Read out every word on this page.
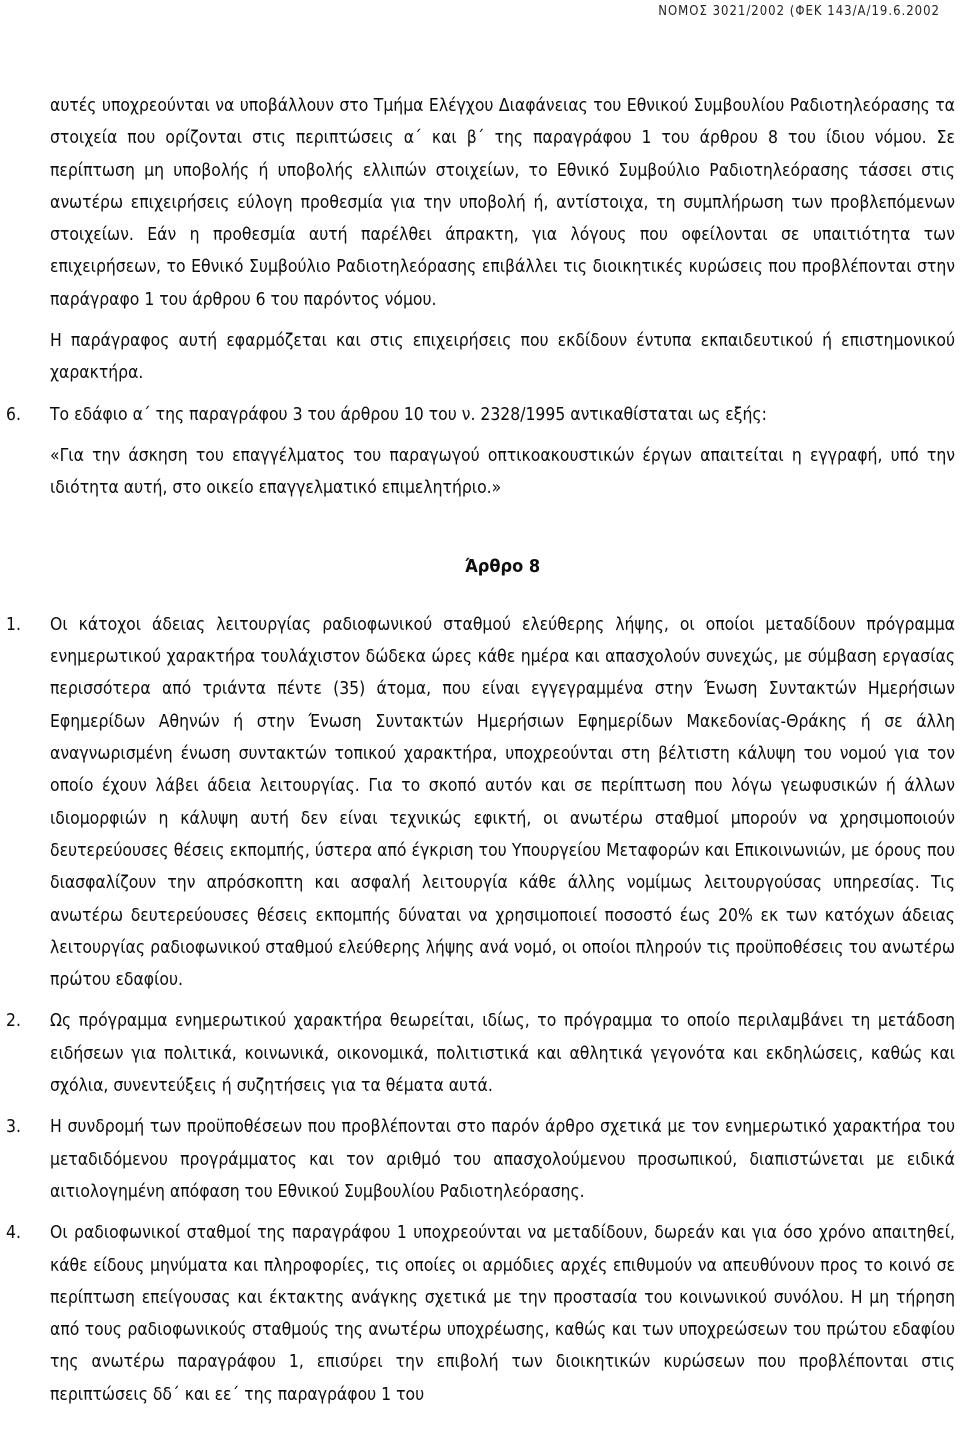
ΝΟΜΟΣ 3021/2002 (ΦΕΚ 143/Α/19.6.2002

αυτές υποχρεούνται να υποβάλλουν στο Τμήμα Ελέγχου Διαφάνειας του Εθνικού Συμβουλίου Ραδιοτηλεόρασης τα στοιχεία που ορίζονται στις περιπτώσεις α΄ και β΄ της παραγράφου 1 του άρθρου 8 του ίδιου νόμου. Σε περίπτωση μη υποβολής ή υποβολής ελλιπών στοιχείων, το Εθνικό Συμβούλιο Ραδιοτηλεόρασης τάσσει στις ανωτέρω επιχειρήσεις εύλογη προθεσμία για την υποβολή ή, αντίστοιχα, τη συμπλήρωση των προβλεπόμενων στοιχείων. Εάν η προθεσμία αυτή παρέλθει άπρακτη, για λόγους που οφείλονται σε υπαιτιότητα των επιχειρήσεων, το Εθνικό Συμβούλιο Ραδιοτηλεόρασης επιβάλλει τις διοικητικές κυρώσεις που προβλέπονται στην παράγραφο 1 του άρθρου 6 του παρόντος νόμου.

Η παράγραφος αυτή εφαρμόζεται και στις επιχειρήσεις που εκδίδουν έντυπα εκπαιδευτικού ή επιστημονικού χαρακτήρα.

6. Το εδάφιο α΄ της παραγράφου 3 του άρθρου 10 του ν. 2328/1995 αντικαθίσταται ως εξής:

«Για την άσκηση του επαγγέλματος του παραγωγού οπτικοακουστικών έργων απαιτείται η εγγραφή, υπό την ιδιότητα αυτή, στο οικείο επαγγελματικό επιμελητήριο.»

Άρθρο 8
1. Οι κάτοχοι άδειας λειτουργίας ραδιοφωνικού σταθμού ελεύθερης λήψης, οι οποίοι μεταδίδουν πρόγραμμα ενημερωτικού χαρακτήρα τουλάχιστον δώδεκα ώρες κάθε ημέρα και απασχολούν συνεχώς, με σύμβαση εργασίας περισσότερα από τριάντα πέντε (35) άτομα, που είναι εγγεγραμμένα στην Ένωση Συντακτών Ημερήσιων Εφημερίδων Αθηνών ή στην Ένωση Συντακτών Ημερήσιων Εφημερίδων Μακεδονίας-Θράκης ή σε άλλη αναγνωρισμένη ένωση συντακτών τοπικού χαρακτήρα, υποχρεούνται στη βέλτιστη κάλυψη του νομού για τον οποίο έχουν λάβει άδεια λειτουργίας. Για το σκοπό αυτόν και σε περίπτωση που λόγω γεωφυσικών ή άλλων ιδιομορφιών η κάλυψη αυτή δεν είναι τεχνικώς εφικτή, οι ανωτέρω σταθμοί μπορούν να χρησιμοποιούν δευτερεύουσες θέσεις εκπομπής, ύστερα από έγκριση του Υπουργείου Μεταφορών και Επικοινωνιών, με όρους που διασφαλίζουν την απρόσκοπτη και ασφαλή λειτουργία κάθε άλλης νομίμως λειτουργούσας υπηρεσίας. Τις ανωτέρω δευτερεύουσες θέσεις εκπομπής δύναται να χρησιμοποιεί ποσοστό έως 20% εκ των κατόχων άδειας λειτουργίας ραδιοφωνικού σταθμού ελεύθερης λήψης ανά νομό, οι οποίοι πληρούν τις προϋποθέσεις του ανωτέρω πρώτου εδαφίου.

2. Ως πρόγραμμα ενημερωτικού χαρακτήρα θεωρείται, ιδίως, το πρόγραμμα το οποίο περιλαμβάνει τη μετάδοση ειδήσεων για πολιτικά, κοινωνικά, οικονομικά, πολιτιστικά και αθλητικά γεγονότα και εκδηλώσεις, καθώς και σχόλια, συνεντεύξεις ή συζητήσεις για τα θέματα αυτά.

3. Η συνδρομή των προϋποθέσεων που προβλέπονται στο παρόν άρθρο σχετικά με τον ενημερωτικό χαρακτήρα του μεταδιδόμενου προγράμματος και τον αριθμό του απασχολούμενου προσωπικού, διαπιστώνεται με ειδικά αιτιολογημένη απόφαση του Εθνικού Συμβουλίου Ραδιοτηλεόρασης.

4. Οι ραδιοφωνικοί σταθμοί της παραγράφου 1 υποχρεούνται να μεταδίδουν, δωρεάν και για όσο χρόνο απαιτηθεί, κάθε είδους μηνύματα και πληροφορίες, τις οποίες οι αρμόδιες αρχές επιθυμούν να απευθύνουν προς το κοινό σε περίπτωση επείγουσας και έκτακτης ανάγκης σχετικά με την προστασία του κοινωνικού συνόλου. Η μη τήρηση από τους ραδιοφωνικούς σταθμούς της ανωτέρω υποχρέωσης, καθώς και των υποχρεώσεων του πρώτου εδαφίου της ανωτέρω παραγράφου 1, επισύρει την επιβολή των διοικητικών κυρώσεων που προβλέπονται στις περιπτώσεις δδ΄ και εε΄ της παραγράφου 1 του
